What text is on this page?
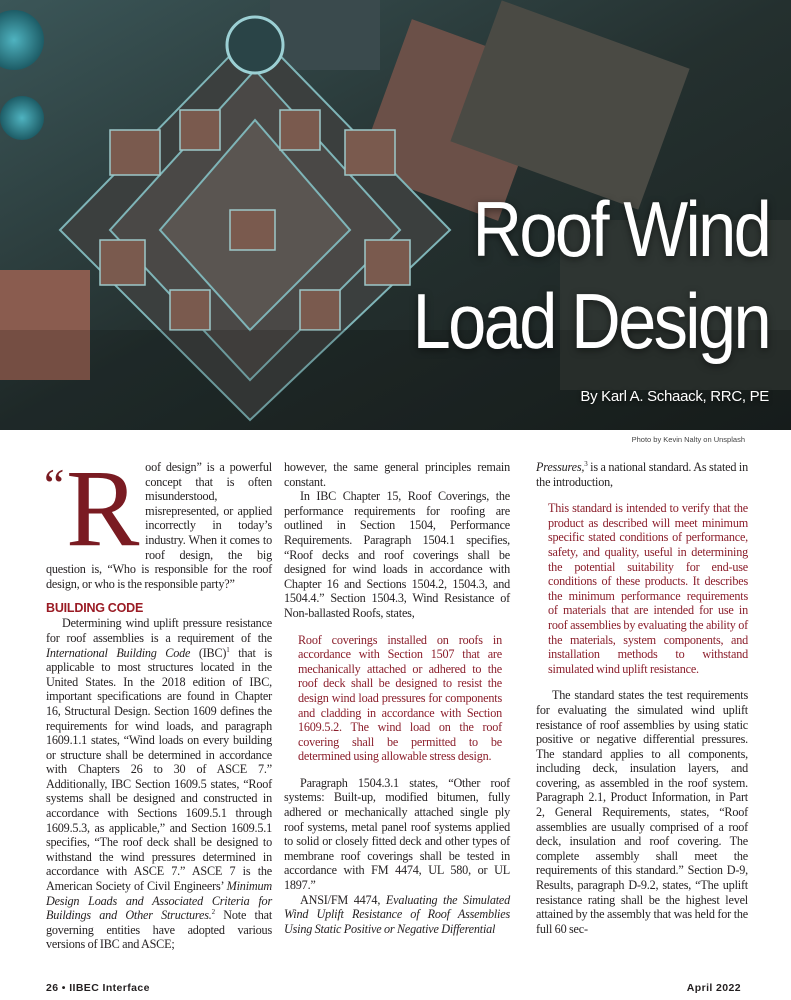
Roof Wind
Load Design
By Karl A. Schaack, RRC, PE
Photo by Kevin Nalty on Unsplash

“ R oof design” is a powerful concept that is often misunderstood, misrepresented, or applied incorrectly in today’s industry. When it comes to roof design, the big question is, “Who is responsible for the roof design, or who is the responsible party?”

BUILDING CODE

Determining wind uplift pressure resistance for roof assemblies is a requirement of the International Building Code (IBC)$^1$ that is applicable to most structures located in the United States. In the 2018 edition of IBC, important specifications are found in Chapter 16, Structural Design. Section 1609 defines the requirements for wind loads, and paragraph 1609.1.1 states, “Wind loads on every building or structure shall be determined in accordance with Chapters 26 to 30 of ASCE 7.” Additionally, IBC Section 1609.5 states, “Roof systems shall be designed and constructed in accordance with Sections 1609.5.1 through 1609.5.3, as applicable,” and Section 1609.5.1 specifies, “The roof deck shall be designed to withstand the wind pressures determined in accordance with ASCE 7.” ASCE 7 is the American Society of Civil Engineers’ Minimum Design Loads and Associated Criteria for Buildings and Other Structures.$^2$ Note that governing entities have adopted various versions of IBC and ASCE;

however, the same general principles remain constant.

In IBC Chapter 15, Roof Coverings, the performance requirements for roofing are outlined in Section 1504, Performance Requirements. Paragraph 1504.1 specifies, “Roof decks and roof coverings shall be designed for wind loads in accordance with Chapter 16 and Sections 1504.2, 1504.3, and 1504.4.” Section 1504.3, Wind Resistance of Non-ballasted Roofs, states,

Roof coverings installed on roofs in accordance with Section 1507 that are mechanically attached or adhered to the roof deck shall be designed to resist the design wind load pressures for components and cladding in accordance with Section 1609.5.2. The wind load on the roof covering shall be permitted to be determined using allowable stress design.

Paragraph 1504.3.1 states, “Other roof systems: Built-up, modified bitumen, fully adhered or mechanically attached single ply roof systems, metal panel roof systems applied to solid or closely fitted deck and other types of membrane roof coverings shall be tested in accordance with FM 4474, UL 580, or UL 1897.”

ANSI/FM 4474, Evaluating the Simulated Wind Uplift Resistance of Roof Assemblies Using Static Positive or Negative Differential

Pressures,$^3$ is a national standard. As stated in the introduction,

This standard is intended to verify that the product as described will meet minimum specific stated conditions of performance, safety, and quality, useful in determining the potential suitability for end-use conditions of these products. It describes the minimum performance requirements of materials that are intended for use in roof assemblies by evaluating the ability of the materials, system components, and installation methods to withstand simulated wind uplift resistance.

The standard states the test requirements for evaluating the simulated wind uplift resistance of roof assemblies by using static positive or negative differential pressures. The standard applies to all components, including deck, insulation layers, and covering, as assembled in the roof system. Paragraph 2.1, Product Information, in Part 2, General Requirements, states, “Roof assemblies are usually comprised of a roof deck, insulation and roof covering. The complete assembly shall meet the requirements of this standard.” Section D-9, Results, paragraph D-9.2, states, “The uplift resistance rating shall be the highest level attained by the assembly that was held for the full 60 sec-

26 • IIBEC Interface	April 2022
